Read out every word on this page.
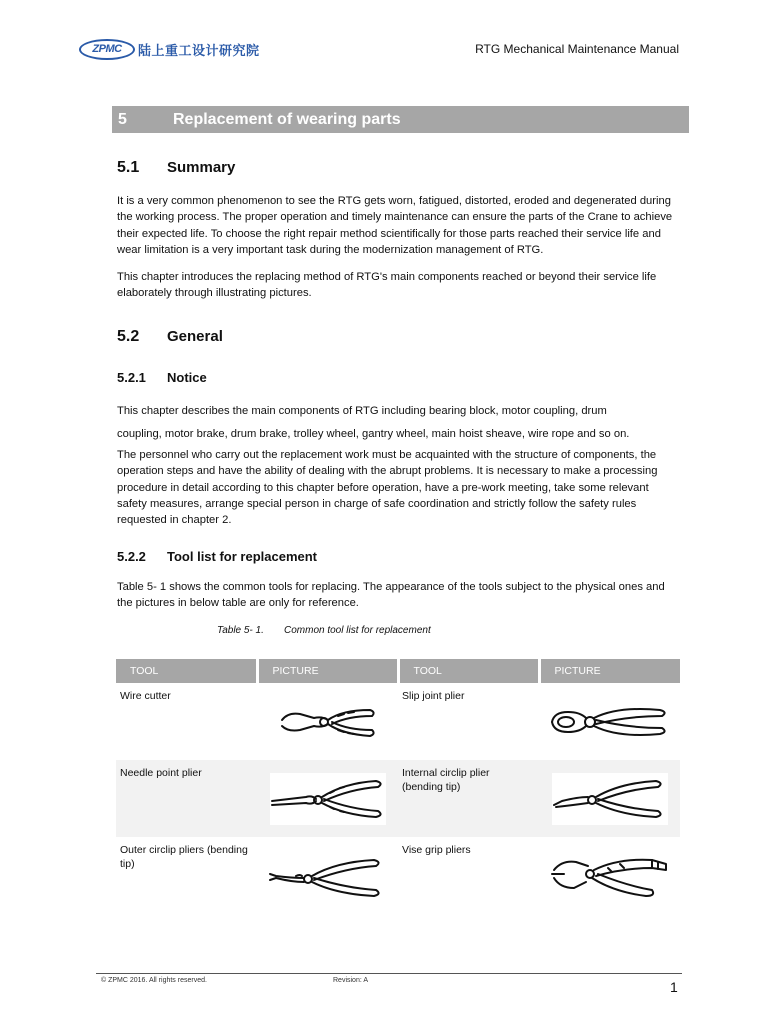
ZPMC	陆上重工设计研究院	RTG Mechanical Maintenance Manual
5	Replacement of wearing parts
5.1	Summary
It is a very common phenomenon to see the RTG gets worn, fatigued, distorted, eroded and degenerated during the working process. The proper operation and timely maintenance can ensure the parts of the Crane to achieve their expected life. To choose the right repair method scientifically for those parts reached their service life and wear limitation is a very important task during the modernization management of RTG.
This chapter introduces the replacing method of RTG's main components reached or beyond their service life elaborately through illustrating pictures.
5.2	General
5.2.1	Notice
This chapter describes the main components of RTG including bearing block, motor coupling, drum
coupling, motor brake, drum brake, trolley wheel, gantry wheel, main hoist sheave, wire rope and so on.
The personnel who carry out the replacement work must be acquainted with the structure of components, the operation steps and have the ability of dealing with the abrupt problems. It is necessary to make a processing procedure in detail according to this chapter before operation, have a pre-work meeting, take some relevant safety measures, arrange special person in charge of safe coordination and strictly follow the safety rules requested in chapter 2.
5.2.2	Tool list for replacement
Table 5- 1 shows the common tools for replacing. The appearance of the tools subject to the physical ones and the pictures in below table are only for reference.
Table 5- 1.	Common tool list for replacement
TOOL	PICTURE	TOOL	PICTURE
Wire cutter		Slip joint plier	

Needle point plier		Internal circlip plier
(bending tip)

Outer circlip pliers (bending tip)		Vise grip pliers	
© ZPMC 2016. All rights reserved.	Revision: A	1
